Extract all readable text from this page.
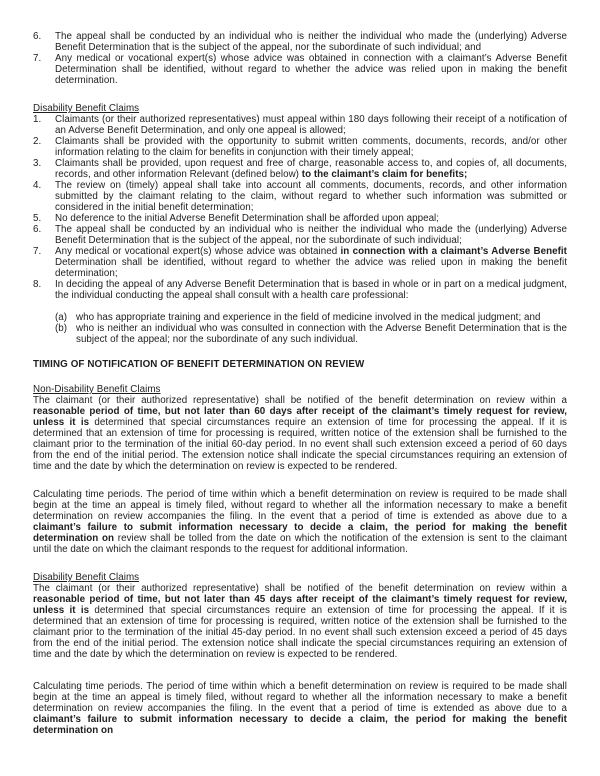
6.	The appeal shall be conducted by an individual who is neither the individual who made the (underlying) Adverse Benefit Determination that is the subject of the appeal, nor the subordinate of such individual; and
7.	Any medical or vocational expert(s) whose advice was obtained in connection with a claimant’s Adverse Benefit Determination shall be identified, without regard to whether the advice was relied upon in making the benefit determination.
Disability Benefit Claims
1.	Claimants (or their authorized representatives) must appeal within 180 days following their receipt of a notification of an Adverse Benefit Determination, and only one appeal is allowed;
2.	Claimants shall be provided with the opportunity to submit written comments, documents, records, and/or other information relating to the claim for benefits in conjunction with their timely appeal;
3.	Claimants shall be provided, upon request and free of charge, reasonable access to, and copies of, all documents, records, and other information Relevant (defined below) to the claimant’s claim for benefits;
4.	The review on (timely) appeal shall take into account all comments, documents, records, and other information submitted by the claimant relating to the claim, without regard to whether such information was submitted or considered in the initial benefit determination;
5.	No deference to the initial Adverse Benefit Determination shall be afforded upon appeal;
6.	The appeal shall be conducted by an individual who is neither the individual who made the (underlying) Adverse Benefit Determination that is the subject of the appeal, nor the subordinate of such individual;
7.	Any medical or vocational expert(s) whose advice was obtained in connection with a claimant’s Adverse Benefit Determination shall be identified, without regard to whether the advice was relied upon in making the benefit determination;
8.	In deciding the appeal of any Adverse Benefit Determination that is based in whole or in part on a medical judgment, the individual conducting the appeal shall consult with a health care professional:
(a) who has appropriate training and experience in the field of medicine involved in the medical judgment; and
(b) who is neither an individual who was consulted in connection with the Adverse Benefit Determination that is the subject of the appeal; nor the subordinate of any such individual.
TIMING OF NOTIFICATION OF BENEFIT DETERMINATION ON REVIEW
Non-Disability Benefit Claims

The claimant (or their authorized representative) shall be notified of the benefit determination on review within a reasonable period of time, but not later than 60 days after receipt of the claimant’s timely request for review, unless it is determined that special circumstances require an extension of time for processing the appeal. If it is determined that an extension of time for processing is required, written notice of the extension shall be furnished to the claimant prior to the termination of the initial 60-day period. In no event shall such extension exceed a period of 60 days from the end of the initial period. The extension notice shall indicate the special circumstances requiring an extension of time and the date by which the determination on review is expected to be rendered.

Calculating time periods. The period of time within which a benefit determination on review is required to be made shall begin at the time an appeal is timely filed, without regard to whether all the information necessary to make a benefit determination on review accompanies the filing. In the event that a period of time is extended as above due to a claimant’s failure to submit information necessary to decide a claim, the period for making the benefit determination on review shall be tolled from the date on which the notification of the extension is sent to the claimant until the date on which the claimant responds to the request for additional information.

Disability Benefit Claims

The claimant (or their authorized representative) shall be notified of the benefit determination on review within a reasonable period of time, but not later than 45 days after receipt of the claimant’s timely request for review, unless it is determined that special circumstances require an extension of time for processing the appeal. If it is determined that an extension of time for processing is required, written notice of the extension shall be furnished to the claimant prior to the termination of the initial 45-day period. In no event shall such extension exceed a period of 45 days from the end of the initial period. The extension notice shall indicate the special circumstances requiring an extension of time and the date by which the determination on review is expected to be rendered.

Calculating time periods. The period of time within which a benefit determination on review is required to be made shall begin at the time an appeal is timely filed, without regard to whether all the information necessary to make a benefit determination on review accompanies the filing. In the event that a period of time is extended as above due to a claimant’s failure to submit information necessary to decide a claim, the period for making the benefit determination on
